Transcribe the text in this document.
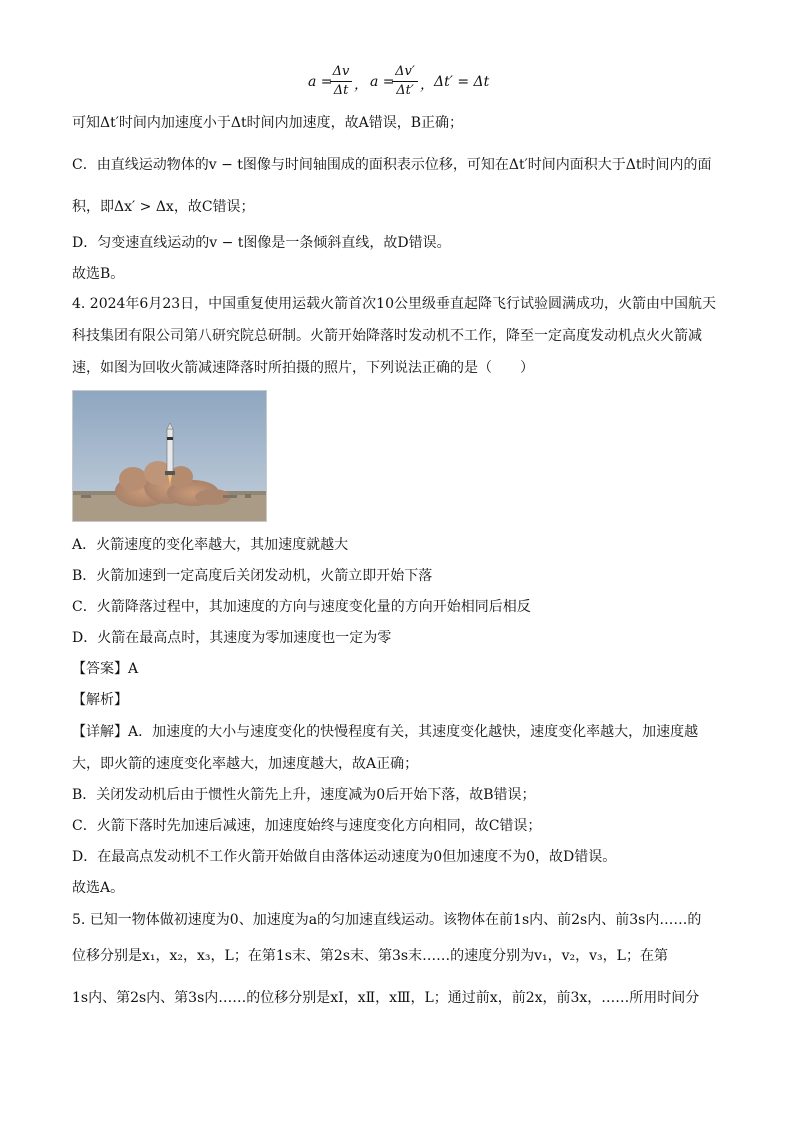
a =
Δv
Δt ， a =
Δv′
Δt′ ， Δt′ = Δt
可知Δt′时间内加速度小于Δt时间内加速度，故A错误，B正确；
C．由直线运动物体的v − t图像与时间轴围成的面积表示位移，可知在Δt′时间内面积大于Δt时间内的面
积，即Δx′ > Δx，故C错误；
D．匀变速直线运动的v − t图像是一条倾斜直线，故D错误。
故选B。
4. 2024年6月23日，中国重复使用运载火箭首次10公里级垂直起降飞行试验圆满成功，火箭由中国航天
科技集团有限公司第八研究院总研制。火箭开始降落时发动机不工作，降至一定高度发动机点火火箭减
速，如图为回收火箭减速降落时所拍摄的照片，下列说法正确的是（　　）
A．火箭速度的变化率越大，其加速度就越大
B．火箭加速到一定高度后关闭发动机，火箭立即开始下落
C．火箭降落过程中，其加速度的方向与速度变化量的方向开始相同后相反
D．火箭在最高点时，其速度为零加速度也一定为零
【答案】A
【解析】
【详解】A．加速度的大小与速度变化的快慢程度有关，其速度变化越快，速度变化率越大，加速度越
大，即火箭的速度变化率越大，加速度越大，故A正确；
B．关闭发动机后由于惯性火箭先上升，速度减为0后开始下落，故B错误；
C．火箭下落时先加速后减速，加速度始终与速度变化方向相同，故C错误；
D．在最高点发动机不工作火箭开始做自由落体运动速度为0但加速度不为0，故D错误。
故选A。
5. 已知一物体做初速度为0、加速度为a的匀加速直线运动。该物体在前1s内、前2s内、前3s内……的
位移分别是x₁，x₂，x₃，L；在第1s末、第2s末、第3s末……的速度分别为v₁，v₂，v₃，L；在第
1s内、第2s内、第3s内……的位移分别是xⅠ，xⅡ，xⅢ，L；通过前x，前2x，前3x，……所用时间分
